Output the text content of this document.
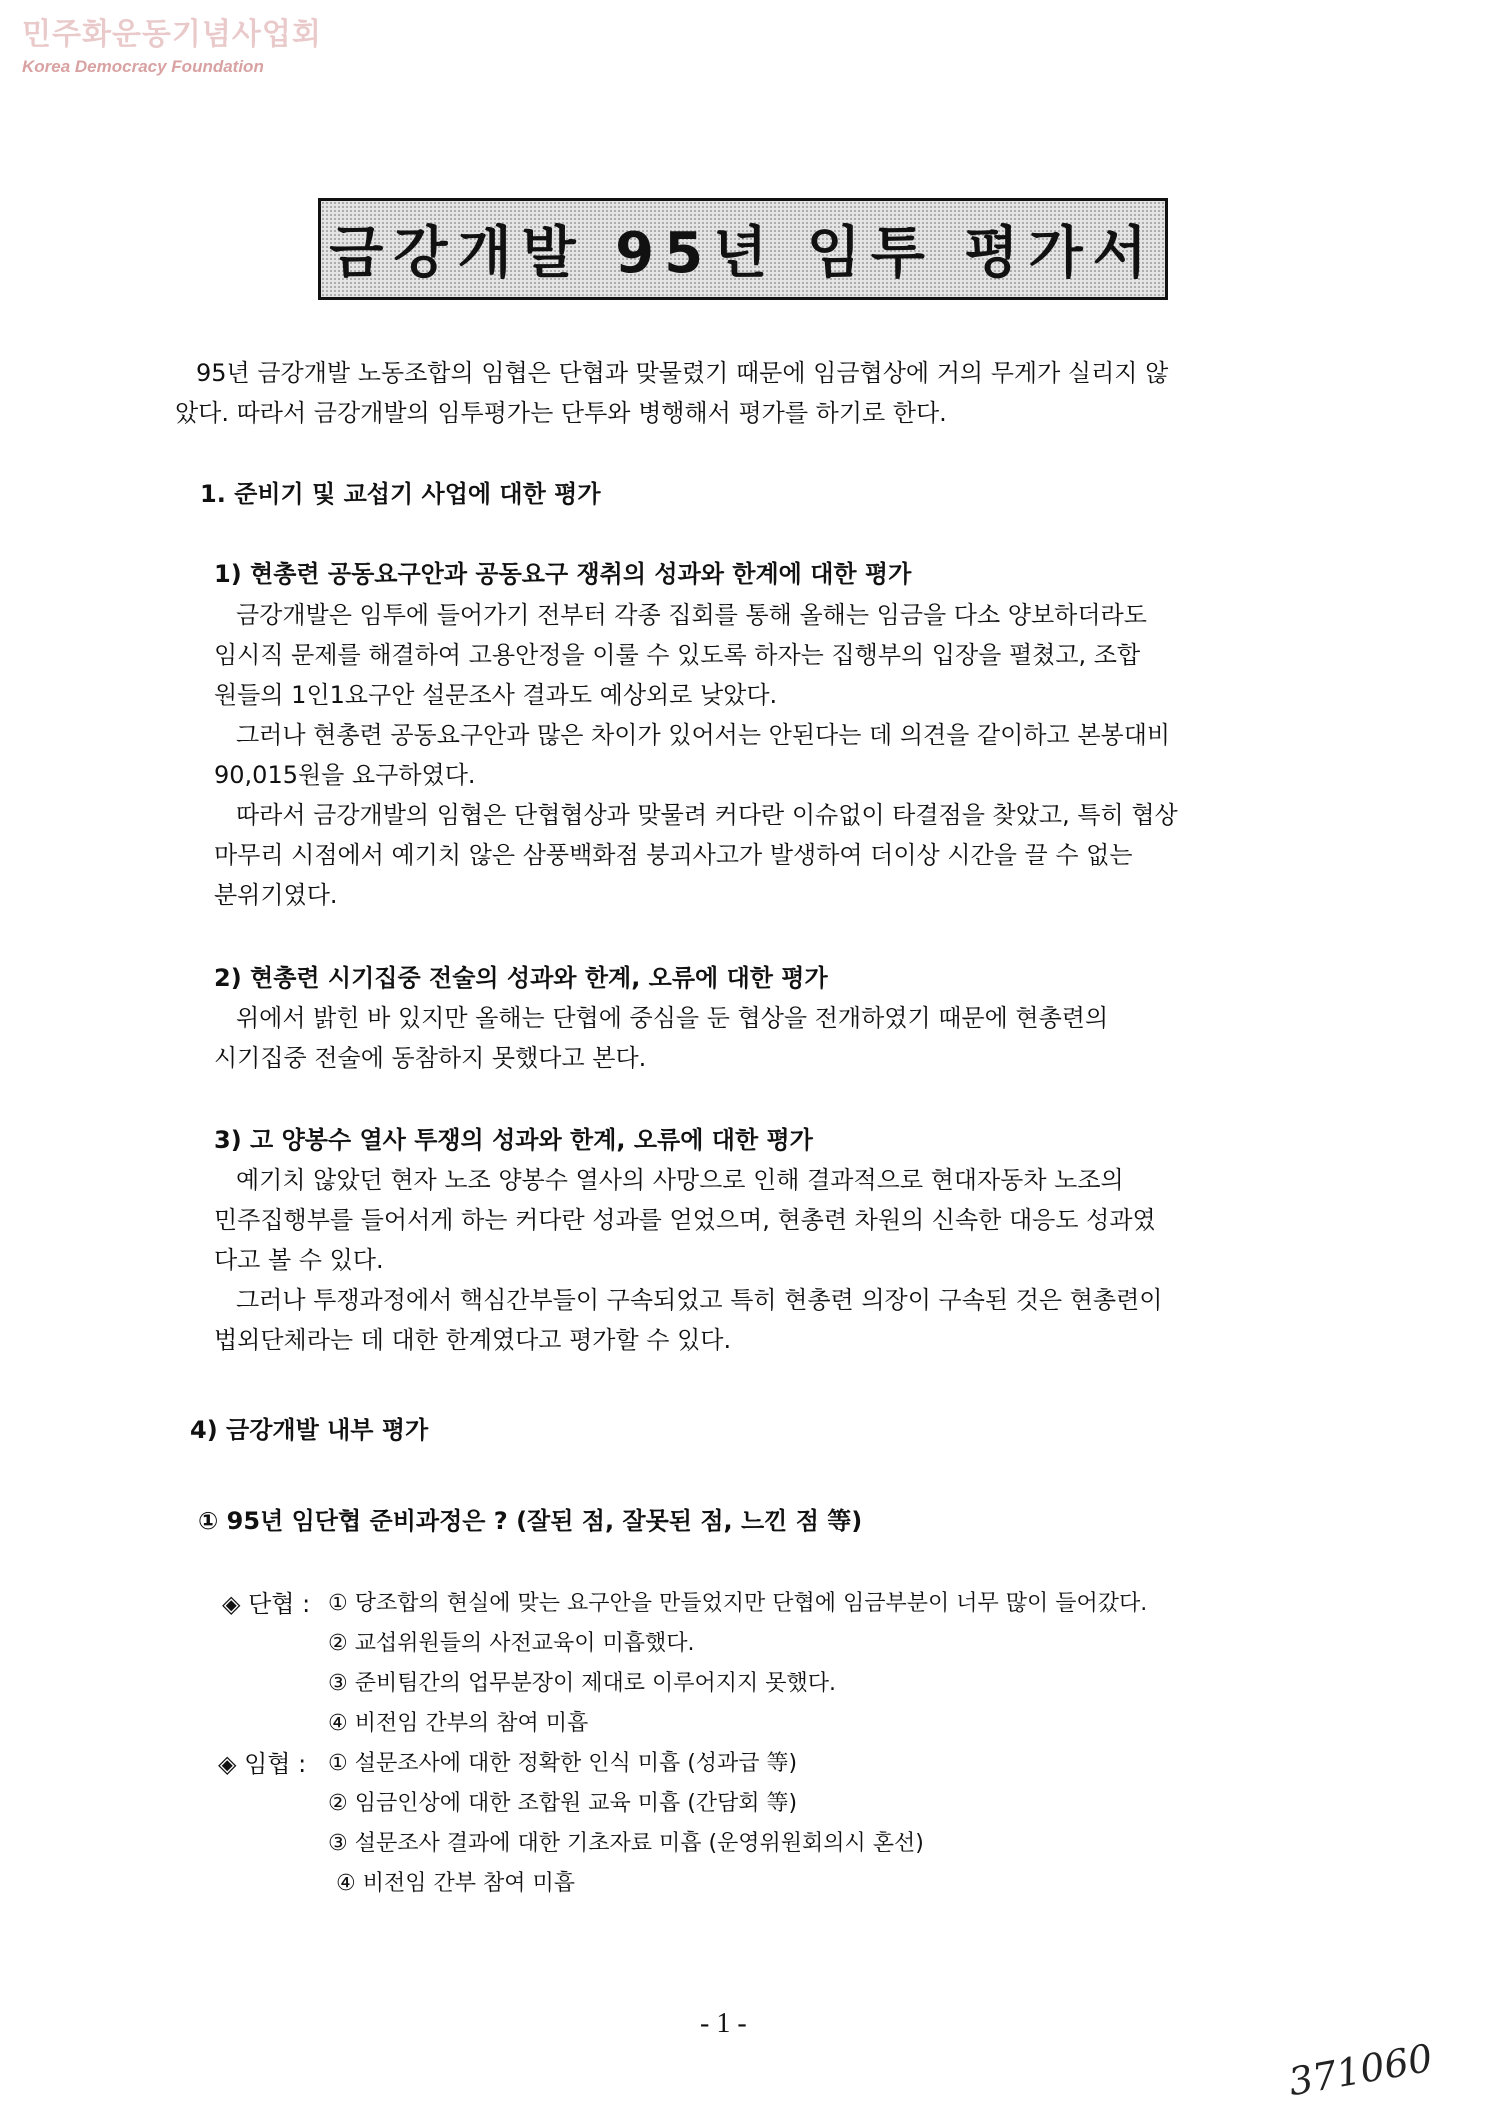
민주화운동기념사업회
Korea Democracy Foundation
금강개발 95년 임투 평가서
95년 금강개발 노동조합의 임협은 단협과 맞물렸기 때문에 임금협상에 거의 무게가 실리지 않
았다. 따라서 금강개발의 임투평가는 단투와 병행해서 평가를 하기로 한다.
1. 준비기 및 교섭기 사업에 대한 평가
1) 현총련 공동요구안과 공동요구 쟁취의 성과와 한계에 대한 평가
금강개발은 임투에 들어가기 전부터 각종 집회를 통해 올해는 임금을 다소 양보하더라도
임시직 문제를 해결하여 고용안정을 이룰 수 있도록 하자는 집행부의 입장을 펼쳤고, 조합
원들의 1인1요구안 설문조사 결과도 예상외로 낮았다.
그러나 현총련 공동요구안과 많은 차이가 있어서는 안된다는 데 의견을 같이하고 본봉대비
90,015원을 요구하였다.
따라서 금강개발의 임협은 단협협상과 맞물려 커다란 이슈없이 타결점을 찾았고, 특히 협상
마무리 시점에서 예기치 않은 삼풍백화점 붕괴사고가 발생하여 더이상 시간을 끌 수 없는
분위기였다.
2) 현총련 시기집중 전술의 성과와 한계, 오류에 대한 평가
위에서 밝힌 바 있지만 올해는 단협에 중심을 둔 협상을 전개하였기 때문에 현총련의
시기집중 전술에 동참하지 못했다고 본다.
3) 고 양봉수 열사 투쟁의 성과와 한계, 오류에 대한 평가
예기치 않았던 현자 노조 양봉수 열사의 사망으로 인해 결과적으로 현대자동차 노조의
민주집행부를 들어서게 하는 커다란 성과를 얻었으며, 현총련 차원의 신속한 대응도 성과였
다고 볼 수 있다.
그러나 투쟁과정에서 핵심간부들이 구속되었고 특히 현총련 의장이 구속된 것은 현총련이
법외단체라는 데 대한 한계였다고 평가할 수 있다.
4) 금강개발 내부 평가
① 95년 임단협 준비과정은 ? (잘된 점, 잘못된 점, 느낀 점 等)
◈ 단협 : ① 당조합의 현실에 맞는 요구안을 만들었지만 단협에 임금부분이 너무 많이 들어갔다.
② 교섭위원들의 사전교육이 미흡했다.
③ 준비팀간의 업무분장이 제대로 이루어지지 못했다.
④ 비전임 간부의 참여 미흡
◈ 임협 : ① 설문조사에 대한 정확한 인식 미흡 (성과급 等)
② 임금인상에 대한 조합원 교육 미흡 (간담회 等)
③ 설문조사 결과에 대한 기초자료 미흡 (운영위원회의시 혼선)
④ 비전임 간부 참여 미흡
- 1 -
371060
